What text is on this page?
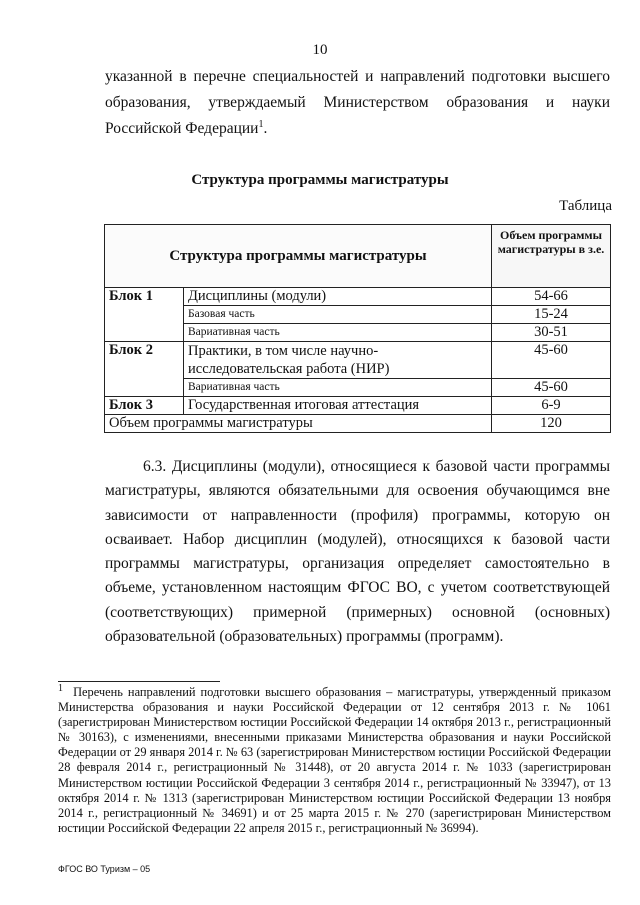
10

указанной в перечне специальностей и направлений подготовки высшего образования, утверждаемый Министерством образования и науки Российской Федерации$^1$.

Структура программы магистратуры
Таблица
Структура программы магистратуры		Объем программы магистратуры в з.е.
Блок 1	Дисциплины (модули)	54-66
	Базовая часть	15-24
	Вариативная часть	30-51
Блок 2	Практики, в том числе научно-исследовательская работа (НИР)	45-60
	Вариативная часть	45-60
Блок 3	Государственная итоговая аттестация	6-9
Объем программы магистратуры		120

6.3. Дисциплины (модули), относящиеся к базовой части программы магистратуры, являются обязательными для освоения обучающимся вне зависимости от направленности (профиля) программы, которую он осваивает. Набор дисциплин (модулей), относящихся к базовой части программы магистратуры, организация определяет самостоятельно в объеме, установленном настоящим ФГОС ВО, с учетом соответствующей (соответствующих) примерной (примерных) основной (основных) образовательной (образовательных) программы (программ).

$^1$ Перечень направлений подготовки высшего образования – магистратуры, утвержденный приказом Министерства образования и науки Российской Федерации от 12 сентября 2013 г. № 1061 (зарегистрирован Министерством юстиции Российской Федерации 14 октября 2013 г., регистрационный № 30163), с изменениями, внесенными приказами Министерства образования и науки Российской Федерации от 29 января 2014 г. № 63 (зарегистрирован Министерством юстиции Российской Федерации 28 февраля 2014 г., регистрационный № 31448), от 20 августа 2014 г. № 1033 (зарегистрирован Министерством юстиции Российской Федерации 3 сентября 2014 г., регистрационный № 33947), от 13 октября 2014 г. № 1313 (зарегистрирован Министерством юстиции Российской Федерации 13 ноября 2014 г., регистрационный № 34691) и от 25 марта 2015 г. № 270 (зарегистрирован Министерством юстиции Российской Федерации 22 апреля 2015 г., регистрационный № 36994).

ФГОС ВО Туризм – 05
